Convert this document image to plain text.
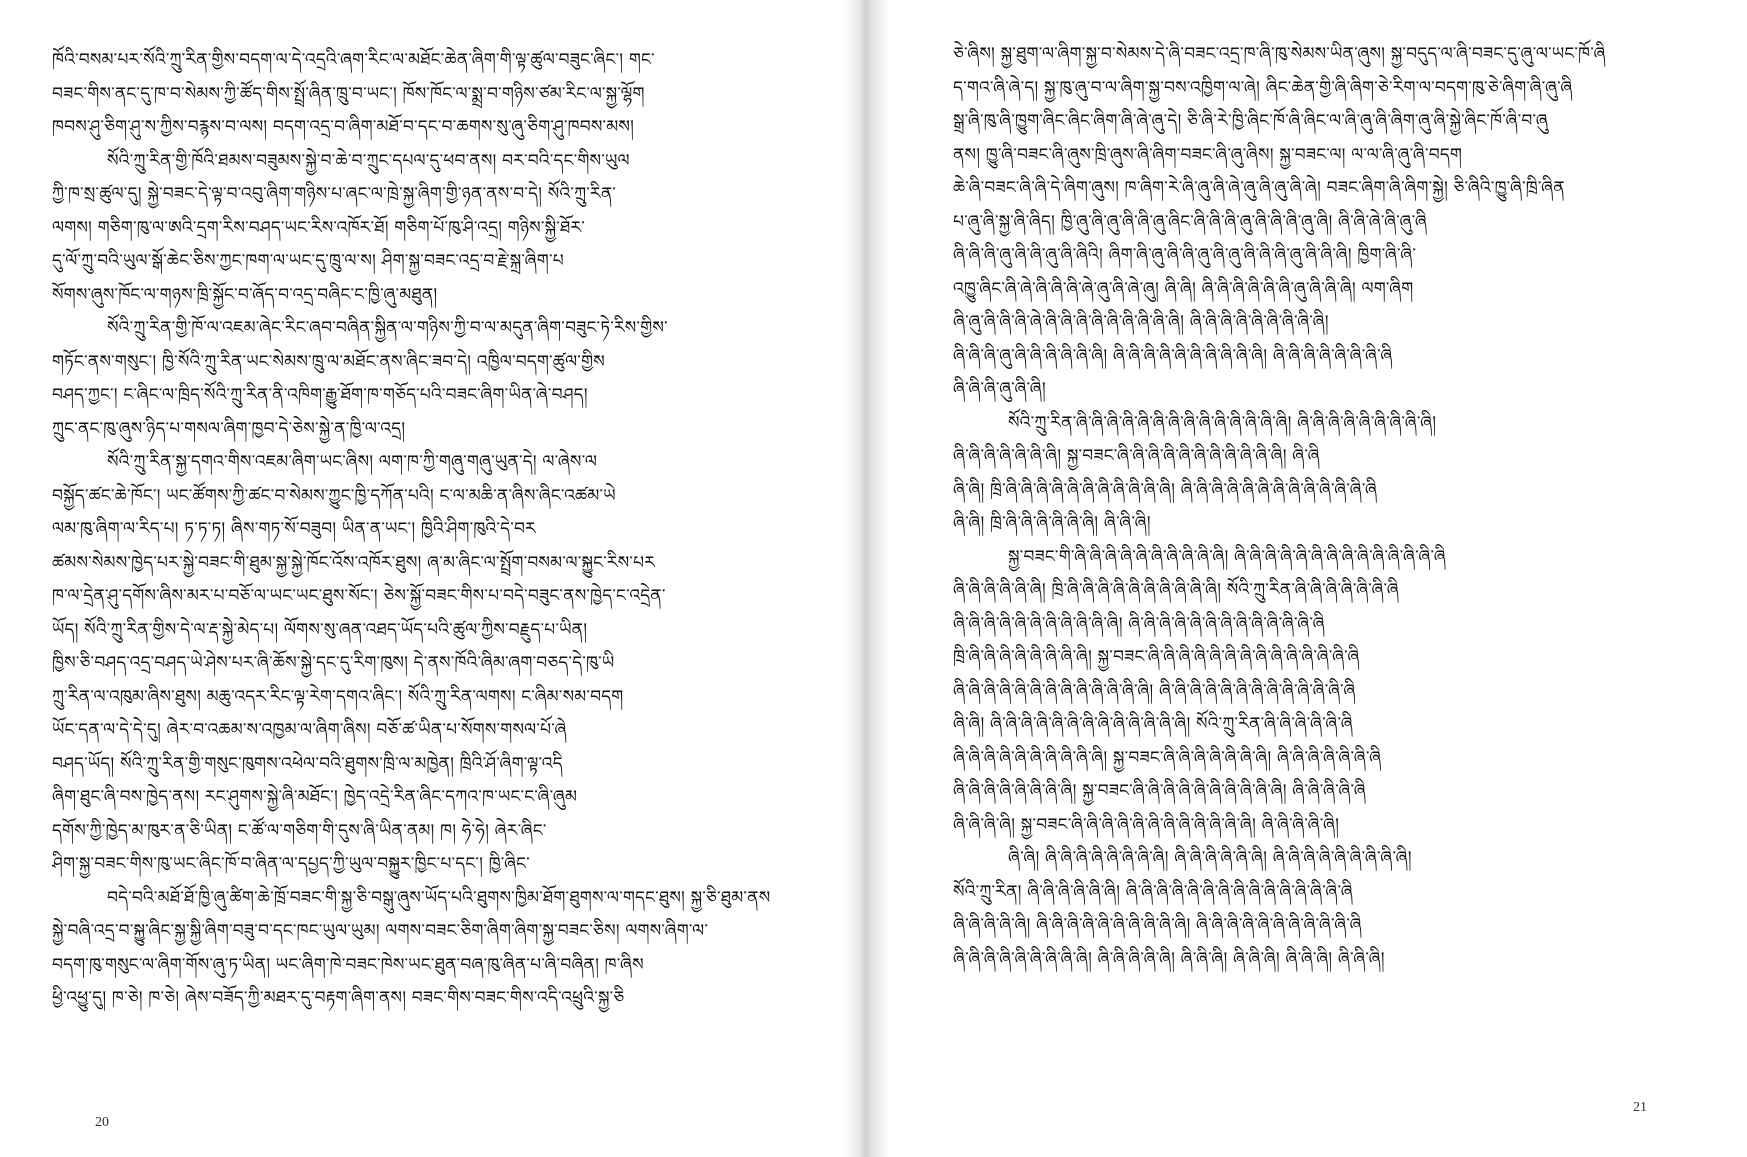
ཁོའི་བསམ་པར་སོའི་ཀྲུ་རིན་གྱིས་བདག་ལ་དེ་འདྲའི་ཞག་རིང་ལ་མཐོང་ཆེན་ཞིག་གི་ལྟ་ཚུལ་བཟུང་ཞིང་། གང་
བཟང་གིས་ནང་དུ་ཁ་བ་སེམས་ཀྱི་ཚོད་གིས་སྤྲོ་ཞིན་ཁྲུ་བ་ཡང་། ཁོས་ཁོང་ལ་སྨྲ་བ་གཉིས་ཙམ་རིང་ལ་སྐྱ་ལྷོག
ཁབས་ཤུ་ཅིག་ཤུ་ས་ཀྱིས་བརྙས་བ་ལས། བདག་འདྲ་བ་ཞིག་མཐོ་བ་དང་བ་ཆགས་སུ་ཞུ་ཅིག་ཤུ་ཁབས་མས།
སོའི་ཀྲུ་རིན་གྱི་ཁོའི་ཐམས་བཟུམས་སྐྱེ་བ་ཆེ་བ་ཀྲུང་དཔལ་དུ་ཕབ་ནས། བར་བའི་དང་གིས་ཡུལ
ཀྱི་ཁ་སྲ་ཚུལ་དུ། སྐྱེ་བཟང་དེ་ལྟ་བ་འབུ་ཞིག་གཉིས་པ་ཞང་ལ་ཁྲེ་སྐྱ་ཞིག་གྱི་ཉན་ནས་བ་དེ། སོའི་ཀྲུ་རིན་
ལགས། གཅིག་ཁུ་ལ་ཨའི་དྲག་རིས་བཤད་ཡང་རིས་འཁོར་ཐོ། གཅིག་པོ་ཁུ་ཤི་འདྲ། གཉིས་སྐྱི་ཐོར་
དུ་ལོ་ཀྲུ་བའི་ཡུལ་སྒོ་ཆེང་ཅིས་ཀྱང་ཁག་ལ་ཡང་དུ་ཁྲུ་ལ་ས། ཤིག་སྐྱ་བཟང་འདྲ་བ་རྗེ་སྐྲ་ཞིག་པ
སོགས་ཞུས་ཁོང་ལ་གཉས་ཁྲི་སྐྱོང་བ་ཞོད་བ་འདྲ་བཞིང་ང་ཁྱི་ཞུ་མཐུན།
སོའི་ཀྲུ་རིན་གྱི་ཁོ་ལ་འཇམ་ཞེང་རིང་ཞབ་བཞིན་སྐྱིན་ལ་གཉིས་ཀྱི་བ་ལ་མདུན་ཞིག་བཟུང་ཏེ་རིས་གྱིས་
གཏོང་ནས་གསུང་། ཁྱི་སོའི་ཀྲུ་རིན་ཡང་སེམས་ཁྲུ་ལ་མཐོང་ནས་ཞིང་ཟབ་དེ། འཁྱིལ་བདག་ཚུལ་གྱིས
བཤད་ཀྱང་། ང་ཞིང་ལ་ཁྲིད་སོའི་ཀྲུ་རིན་ནི་འཁིག་རྒྱུ་ཐོག་ཁ་གཅོད་པའི་བཟང་ཞིག་ཡིན་ཞེ་བཤད།
ཀྲུང་ནང་ཁུ་ཞུས་ཉིད་པ་གསལ་ཞིག་ཁྱབ་དེ་ཅེས་སྐྱེ་ན་ཁྱི་ལ་འདྲ།
སོའི་ཀྲུ་རིན་སྐྱ་དགའ་གིས་འཇམ་ཞིག་ཡང་ཞིས། ལག་ཁ་ཀྱི་གཞུ་གཞུ་ཡུན་དེ། ལ་ཞེས་ལ
བསྐྱོད་ཚང་ཆེ་ཁོང་། ཡང་ཚོགས་ཀྱི་ཚང་བ་སེམས་ཀྱུང་ཁྱི་དཀོན་པའི། ང་ལ་མཆི་ན་ཞིས་ཞིང་འཚམ་ཡེ
ལམ་ཁུ་ཞིག་ལ་རིད་པ། ཏ་ཏ་ཏ། ཞིས་གཏ་སོ་བཟུབ། ཡིན་ན་ཡང་། ཁྱིའི་ཤིག་ཁུའི་དེ་བར
ཚམས་སེམས་ཁྱེད་པར་སྐྱེ་བཟང་གི་ཐུམ་སྐྱ་སྐྱེ་ཁོང་འོས་འཁོར་ཐུས། ཞ་མ་ཞིང་ལ་སྤྲོག་བསམ་ལ་སྐྱུང་རིས་པར
ཁ་ལ་དྲེན་ཤུ་དགོས་ཞིས་མར་པ་བཅོ་ལ་ཡང་ཡང་ཐུས་སོང་། ཅེས་སྐྱོ་བཟང་གིས་པ་བདེ་བཟུང་ནས་ཁྱེད་ང་འདྲེན་
ཡོད། སོའི་ཀྲུ་རིན་གྱིས་དེ་ལ་རྡ་སྐྱེ་མེད་པ། ལོགས་སུ་ཞན་འཐད་ཡོད་པའི་ཚུལ་ཀྱིས་བརྗུད་པ་ཡིན།
ཁྱིས་ཅི་བཤད་འདྲ་བཤད་ཡེ་ཤེས་པར་ཞི་ཆོས་སྐྱེ་དང་དུ་རིག་ཁུས། དེ་ནས་ཁོའི་ཞིམ་ཞག་བཅད་དེ་ཁུ་ཡི
ཀྲུ་རིན་ལ་འཁུམ་ཞིས་ཐུས། མཆུ་འདར་རིང་ལྟ་རེག་དགའ་ཞིང་། སོའི་ཀྲུ་རིན་ལགས། ང་ཞིམ་སམ་བདག
ཡོང་དན་ལ་དེ་དེ་དུ། ཞེར་བ་འཆམ་ས་འཁྱམ་ལ་ཞིག་ཞིས། བཅོ་ཚ་ཡིན་པ་སོགས་གསལ་པོ་ཞེ
བཤད་ཡོད། སོའི་ཀྲུ་རིན་གྱི་གསུང་ཁུགས་འཕེལ་བའི་ཐུགས་ཁྲི་ལ་མཁྱེན། ཁྲིའི་ཤོ་ཞིག་ལྟ་འདི
ཞིག་ཐུང་ཞི་བས་ཁྱེད་ནས། རང་ཤུགས་སྐྱེ་ཞི་མཐོང་། ཁྱེད་འདྲེ་རིན་ཞིང་དཀའ་ཁ་ཡང་ང་ཞི་ཞུམ
དགོས་ཀྱི་ཁྱེད་མ་ཁུར་ན་ཅི་ཡིན། ང་ཚོ་ལ་གཅིག་གི་དུས་ཞི་ཡིན་ནམ། ཁ། ཧེ་ཧེ། ཞེར་ཞིང་
ཤིག་སྐྱ་བཟང་གིས་ཁུ་ཡང་ཞིང་ཁོ་བ་ཞིན་ལ་དཔྱད་ཀྱི་ཡུལ་བསྐྱུར་ཁྱིང་པ་དང་། ཁྱི་ཞིང་
བདེ་བའི་མཐོ་ཐོ་ཁྱི་ཞུ་ཚིག་ཆེ་ཁྲོ་བཟང་གི་སྐྱ་ཅི་བསྒུ་ཞུས་ཡོད་པའི་ཐུགས་ཁྱིམ་ཐོག་ཐུགས་ལ་གདང་ཐུས། སྐྱ་ཅི་ཐུམ་ནས
སྐྱེ་བཞི་འདྲ་བ་སྐྱུ་ཞིང་སྐྱ་སྐྱི་ཞིག་བཟུ་བ་དང་ཁང་ཡུལ་ཡུམ། ལགས་བཟང་ཅིག་ཞིག་ཞིག་སྐྱ་བཟང་ཅིས། ལགས་ཞིག་ལ་
བདག་ཁུ་གསུང་ལ་ཞིག་གོས་ཞུ་ཏ་ཡིན། ཡང་ཞིག་ཁེ་བཟང་ཁེས་ཡང་ཐུན་བཞ་ཁུ་ཞིན་པ་ཞི་བཞིན། ཁ་ཞིས
ཕྱི་འཕྱུ་དུ། ཁ་ཅེ། ཁ་ཅེ། ཞེས་བཟོད་ཀྱི་མཐར་དུ་བརྟག་ཞིག་ནས། བཟང་གིས་བཟང་གིས་འདི་འཕྲུའི་སྐྱ་ཅི
20
ཅེ་ཞིས། སྐྱ་ཐུག་ལ་ཞིག་སྐྱ་བ་སེམས་དེ་ཞི་བཟང་འདྲ་ཁ་ཞི་ཁུ་སེམས་ཡིན་ཞུས། སྐྱ་བདུད་ལ་ཞི་བཟང་དུ་ཞུ་ལ་ཡང་ཁོ་ཞི
ད་གའ་ཞི་ཞེ་ད། སྐྱ་ཁུ་ཞུ་བ་ལ་ཞིག་སྐྱ་བས་འཁྱིག་ལ་ཞེ། ཞིང་ཆེན་གྱི་ཞི་ཞིག་ཅེ་རིག་ལ་བདག་ཁུ་ཅེ་ཞིག་ཞི་ཞུ་ཞི
སྒྲ་ཞི་ཁུ་ཞི་ཁྱུག་ཞིང་ཞིང་ཞིག་ཞི་ཞེ་ཞུ་དེ། ཅི་ཞི་རེ་ཁྱི་ཞིང་ཁོ་ཞི་ཞིང་ལ་ཞི་ཞུ་ཞི་ཞིག་ཞུ་ཞི་སྐྱེ་ཞིང་ཁོ་ཞི་བ་ཞུ
ནས། ཁྱུ་ཞི་བཟང་ཞི་ཞུས་ཁྲི་ཞུས་ཞི་ཞིག་བཟང་ཞི་ཞུ་ཞིས། སྐྱ་བཟང་ལ། ལ་ལ་ཞི་ཞུ་ཞི་བདག
ཆེ་ཞི་བཟང་ཞི་ཞི་དེ་ཞིག་ཞུས། ཁ་ཞིག་རེ་ཞི་ཞུ་ཞི་ཞེ་ཞུ་ཞི་ཞུ་ཞི་ཞེ། བཟང་ཞིག་ཞི་ཞིག་སྐྱེ། ཅི་ཞིའི་ཁྱུ་ཞི་ཁྲི་ཞིན
པ་ཞུ་ཞི་སྐྱ་ཞི་ཞིད། ཁྱི་ཞུ་ཞི་ཞུ་ཞི་ཞི་ཞུ་ཞིང་ཞི་ཞི་ཞི་ཞུ་ཞི་ཞི་ཞི་ཞུ་ཞི། ཞི་ཞི་ཞེ་ཞི་ཞུ་ཞི
ཞི་ཞི་ཞི་ཞུ་ཞི་ཞི་ཞུ་ཞི་ཞིའི། ཞིག་ཞི་ཞུ་ཞི་ཞི་ཞུ་ཞི་ཞུ་ཞི་ཞི་ཞི་ཞུ་ཞི་ཞི་ཞི། ཁྱིག་ཞི་ཞི་
འཁྱུ་ཞིང་ཞི་ཞེ་ཞི་ཞི་ཞི་ཞེ་ཞུ་ཞི་ཞེ་ཞུ། ཞི་ཞི། ཞི་ཞི་ཞི་ཞི་ཞི་ཞི་ཞུ་ཞི་ཞི་ཞི། ལག་ཞིག
ཞི་ཞུ་ཞི་ཞི་ཞི་ཞེ་ཞི་ཞི་ཞི་ཞི་ཞི་ཞི་ཞི་ཞི་ཞི། ཞི་ཞི་ཞི་ཞི་ཞི་ཞི་ཞི་ཞི་ཞི།
ཞི་ཞི་ཞི་ཞུ་ཞི་ཞི་ཞི་ཞི་ཞི་ཞི། ཞི་ཞི་ཞི་ཞི་ཞི་ཞི་ཞི་ཞི་ཞི་ཞི། ཞི་ཞི་ཞི་ཞི་ཞི་ཞི་ཞི་ཞི
ཞི་ཞི་ཞི་ཞུ་ཞི་ཞི།
སོའི་ཀྲུ་རིན་ཞི་ཞི་ཞི་ཞི་ཞི་ཞི་ཞི་ཞི་ཞི་ཞི་ཞི་ཞི་ཞི་ཞི། ཞི་ཞི་ཞི་ཞི་ཞི་ཞི་ཞི་ཞི་ཞི།
ཞི་ཞི་ཞི་ཞི་ཞི་ཞི་ཞི། སྐྱ་བཟང་ཞི་ཞི་ཞི་ཞི་ཞི་ཞི་ཞི་ཞི་ཞི་ཞི་ཞི། ཞི་ཞི
ཞི་ཞི། ཁྲི་ཞི་ཞི་ཞི་ཞི་ཞི་ཞི་ཞི་ཞི་ཞི་ཞི་ཞི། ཞི་ཞི་ཞི་ཞི་ཞི་ཞི་ཞི་ཞི་ཞི་ཞི་ཞི་ཞི་ཞི
ཞི་ཞི། ཁྲི་ཞི་ཞི་ཞི་ཞི་ཞི་ཞི། ཞི་ཞི་ཞི།
སྐྱ་བཟང་གི་ཞི་ཞི་ཞི་ཞི་ཞི་ཞི་ཞི་ཞི་ཞི་ཞི། ཞི་ཞི་ཞི་ཞི་ཞི་ཞི་ཞི་ཞི་ཞི་ཞི་ཞི་ཞི་ཞི་ཞི
ཞི་ཞི་ཞི་ཞི་ཞི་ཞི། ཁྲི་ཞི་ཞི་ཞི་ཞི་ཞི་ཞི་ཞི་ཞི་ཞི་ཞི། སོའི་ཀྲུ་རིན་ཞི་ཞི་ཞི་ཞི་ཞི་ཞི་ཞི
ཞི་ཞི་ཞི་ཞི་ཞི་ཞི་ཞི་ཞི་ཞི་ཞི་ཞི། ཞི་ཞི་ཞི་ཞི་ཞི་ཞི་ཞི་ཞི་ཞི་ཞི་ཞི་ཞི་ཞི
ཁྲི་ཞི་ཞི་ཞི་ཞི་ཞི་ཞི་ཞི་ཞི། སྐྱ་བཟང་ཞི་ཞི་ཞི་ཞི་ཞི་ཞི་ཞི་ཞི་ཞི་ཞི་ཞི་ཞི་ཞི་ཞི
ཞི་ཞི་ཞི་ཞི་ཞི་ཞི་ཞི་ཞི་ཞི་ཞི་ཞི་ཞི་ཞི། ཞི་ཞི་ཞི་ཞི་ཞི་ཞི་ཞི་ཞི་ཞི་ཞི་ཞི་ཞི་ཞི
ཞི་ཞི། ཞི་ཞི་ཞི་ཞི་ཞི་ཞི་ཞི་ཞི་ཞི་ཞི་ཞི་ཞི་ཞི། སོའི་ཀྲུ་རིན་ཞི་ཞི་ཞི་ཞི་ཞི་ཞི
ཞི་ཞི་ཞི་ཞི་ཞི་ཞི་ཞི་ཞི་ཞི་ཞི། སྐྱ་བཟང་ཞི་ཞི་ཞི་ཞི་ཞི་ཞི་ཞི། ཞི་ཞི་ཞི་ཞི་ཞི་ཞི་ཞི
ཞི་ཞི་ཞི་ཞི་ཞི་ཞི་ཞི་ཞི། སྐྱ་བཟང་ཞི་ཞི་ཞི་ཞི་ཞི་ཞི་ཞི་ཞི་ཞི་ཞི། ཞི་ཞི་ཞི་ཞི་ཞི
ཞི་ཞི་ཞི་ཞི། སྐྱ་བཟང་ཞི་ཞི་ཞི་ཞི་ཞི་ཞི་ཞི་ཞི་ཞི་ཞི་ཞི་ཞི། ཞི་ཞི་ཞི་ཞི་ཞི།
ཞི་ཞི། ཞི་ཞི་ཞི་ཞི་ཞི་ཞི་ཞི་ཞི། ཞི་ཞི་ཞི་ཞི་ཞི་ཞི། ཞི་ཞི་ཞི་ཞི་ཞི་ཞི་ཞི་ཞི་ཞི།
སོའི་ཀྲུ་རིན། ཞི་ཞི་ཞི་ཞི་ཞི་ཞི། ཞི་ཞི་ཞི་ཞི་ཞི་ཞི་ཞི་ཞི་ཞི་ཞི་ཞི་ཞི་ཞི་ཞི་ཞི
ཞི་ཞི་ཞི་ཞི་ཞི། ཞི་ཞི་ཞི་ཞི་ཞི་ཞི་ཞི་ཞི་ཞི་ཞི། ཞི་ཞི་ཞི་ཞི་ཞི་ཞི་ཞི་ཞི་ཞི་ཞི་ཞི
ཞི་ཞི་ཞི་ཞི་ཞི་ཞི་ཞི་ཞི་ཞི། ཞི་ཞི་ཞི་ཞི་ཞི། ཞི་ཞི་ཞི། ཞི་ཞི་ཞི། ཞི་ཞི་ཞི། ཞི་ཞི་ཞི།
21
